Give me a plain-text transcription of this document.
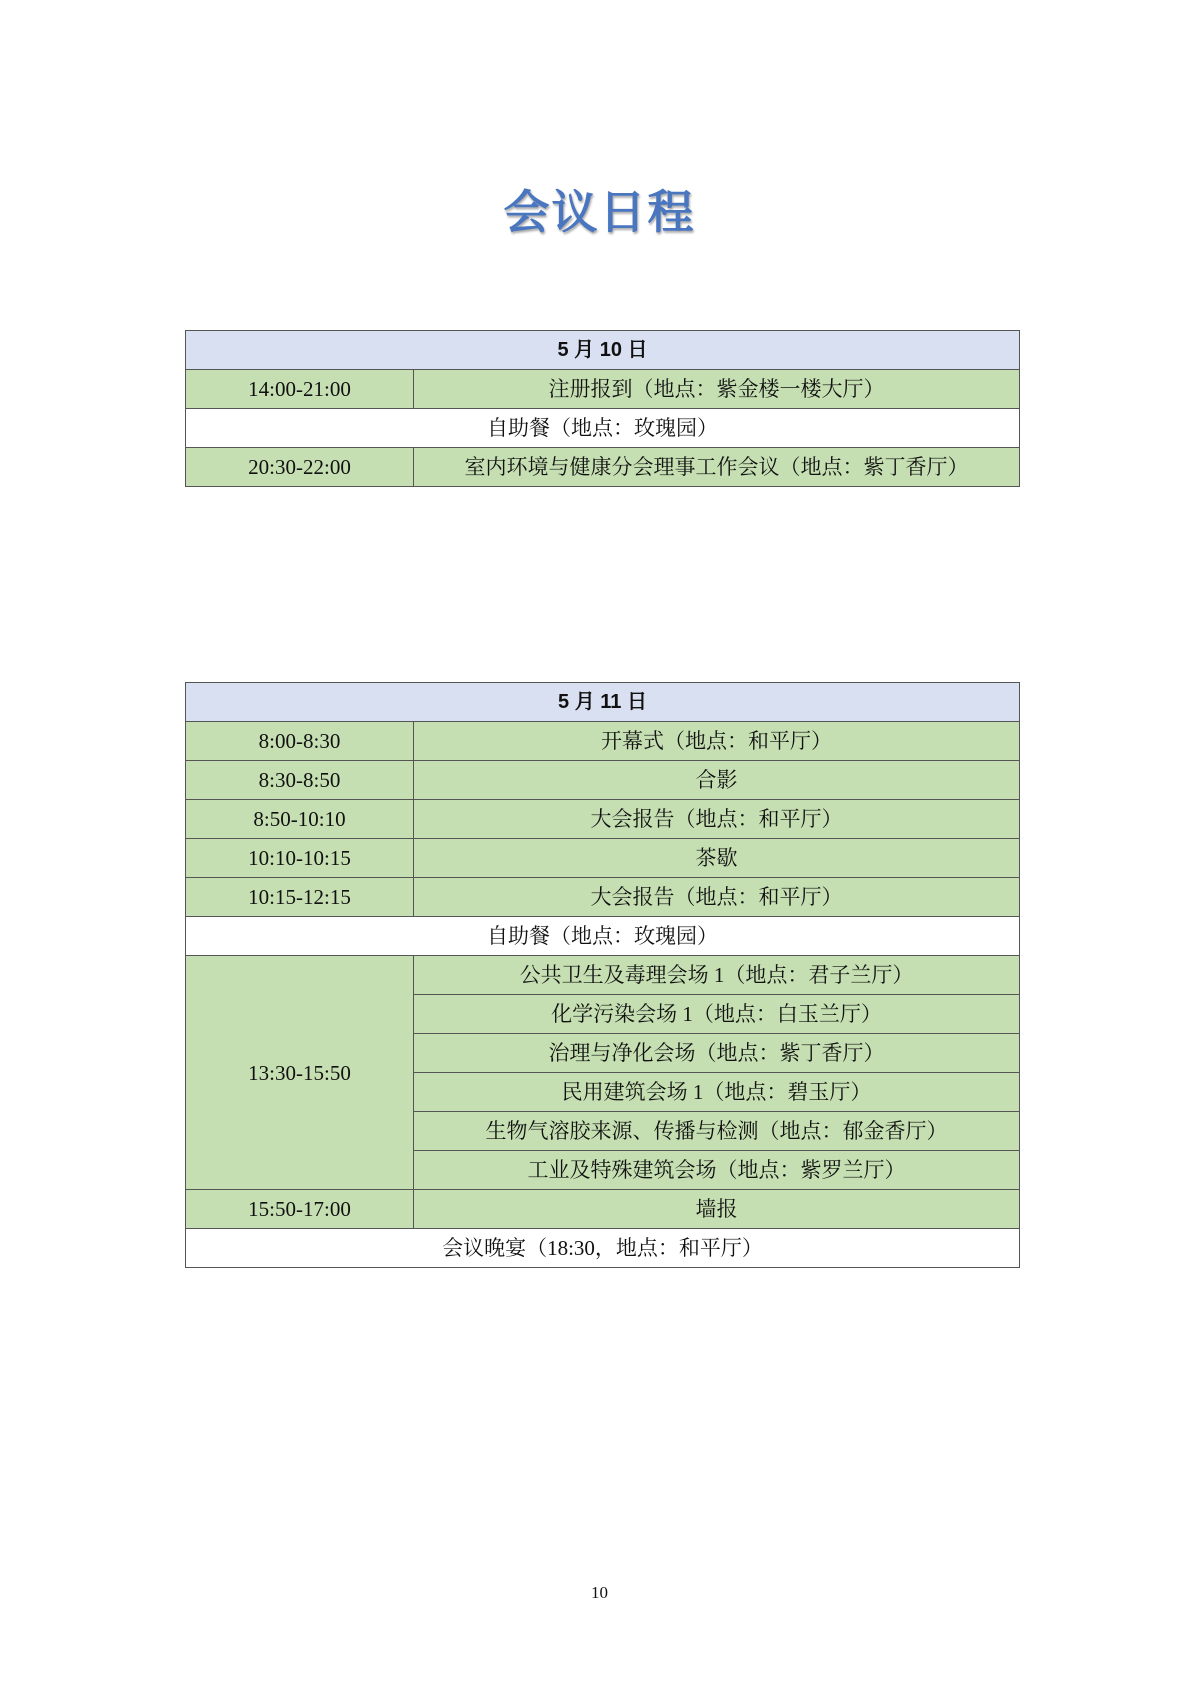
会议日程
5 月 10 日	
14:00-21:00	注册报到（地点：紫金楼一楼大厅）
自助餐（地点：玫瑰园）	
20:30-22:00	室内环境与健康分会理事工作会议（地点：紫丁香厅）
5 月 11 日	
8:00-8:30	开幕式（地点：和平厅）
8:30-8:50	合影
8:50-10:10	大会报告（地点：和平厅）
10:10-10:15	茶歇
10:15-12:15	大会报告（地点：和平厅）
自助餐（地点：玫瑰园）	
13:30-15:50	公共卫生及毒理会场 1（地点：君子兰厅）
	化学污染会场 1（地点：白玉兰厅）
	治理与净化会场（地点：紫丁香厅）
	民用建筑会场 1（地点：碧玉厅）
	生物气溶胶来源、传播与检测（地点：郁金香厅）
	工业及特殊建筑会场（地点：紫罗兰厅）
15:50-17:00	墙报
会议晚宴（18:30，地点：和平厅）	
10
